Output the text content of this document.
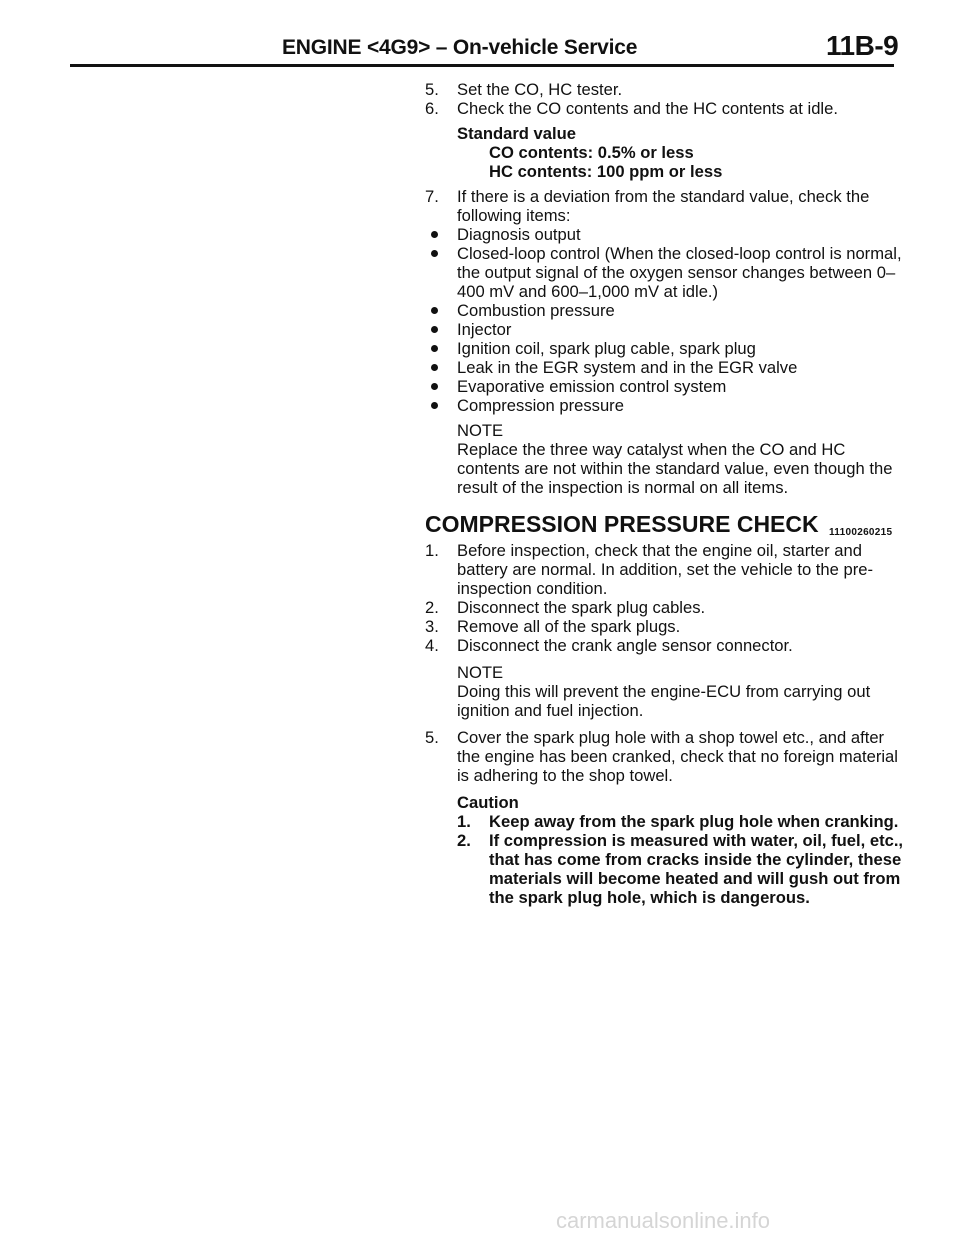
ENGINE <4G9> – On-vehicle Service	11B-9
5.	Set the CO, HC tester.
6.	Check the CO contents and the HC contents at idle.
Standard value
CO contents: 0.5% or less
HC contents: 100 ppm or less
7.	If there is a deviation from the standard value, check the following items:
Diagnosis output
Closed-loop control (When the closed-loop control is normal, the output signal of the oxygen sensor changes between 0–400 mV and 600–1,000 mV at idle.)
Combustion pressure
Injector
Ignition coil, spark plug cable, spark plug
Leak in the EGR system and in the EGR valve
Evaporative emission control system
Compression pressure
NOTE
Replace the three way catalyst when the CO and HC contents are not within the standard value, even though the result of the inspection is normal on all items.
COMPRESSION PRESSURE CHECK 11100260215
1.	Before inspection, check that the engine oil, starter and battery are normal. In addition, set the vehicle to the pre-inspection condition.
2.	Disconnect the spark plug cables.
3.	Remove all of the spark plugs.
4.	Disconnect the crank angle sensor connector.
NOTE
Doing this will prevent the engine-ECU from carrying out ignition and fuel injection.
5.	Cover the spark plug hole with a shop towel etc., and after the engine has been cranked, check that no foreign material is adhering to the shop towel.
Caution
1. Keep away from the spark plug hole when cranking.
2. If compression is measured with water, oil, fuel, etc., that has come from cracks inside the cylinder, these materials will become heated and will gush out from the spark plug hole, which is dangerous.
carmanualsonline.info
